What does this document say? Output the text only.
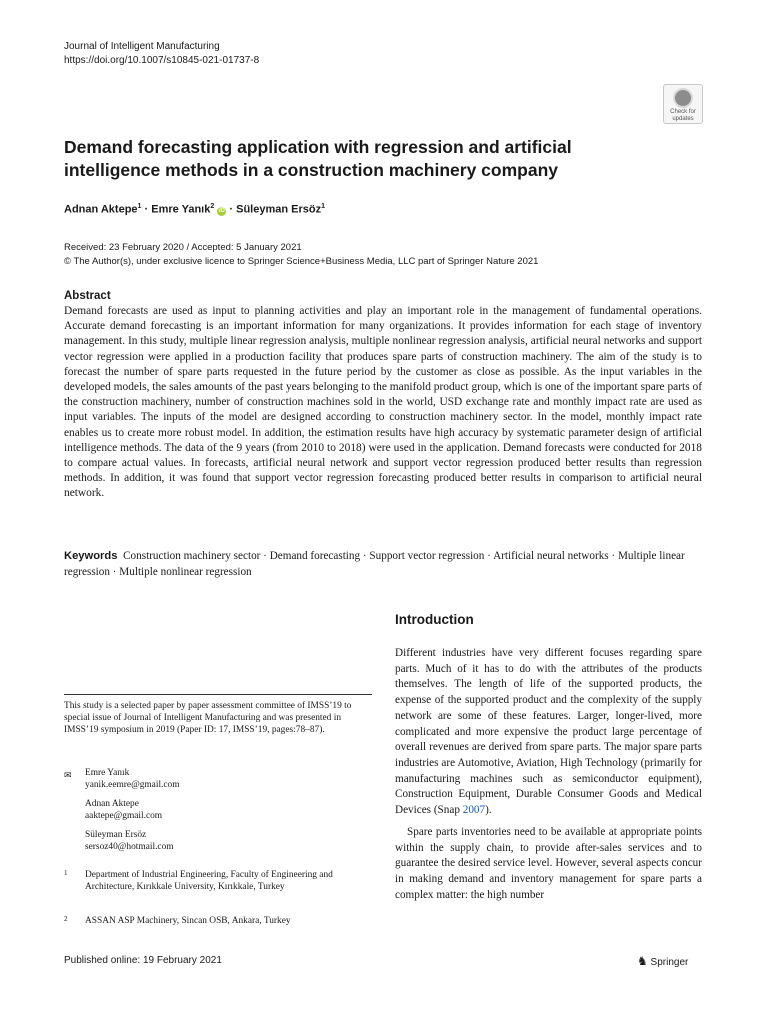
Journal of Intelligent Manufacturing
https://doi.org/10.1007/s10845-021-01737-8
Check for
updates
Demand forecasting application with regression and artificial
intelligence methods in a construction machinery company
Adnan Aktepe$^1$ · Emre Yanık$^2$ iD · Süleyman Ersöz$^1$
Received: 23 February 2020 / Accepted: 5 January 2021
© The Author(s), under exclusive licence to Springer Science+Business Media, LLC part of Springer Nature 2021
Abstract

Demand forecasts are used as input to planning activities and play an important role in the management of fundamental operations. Accurate demand forecasting is an important information for many organizations. It provides information for each stage of inventory management. In this study, multiple linear regression analysis, multiple nonlinear regression analysis, artificial neural networks and support vector regression were applied in a production facility that produces spare parts of construction machinery. The aim of the study is to forecast the number of spare parts requested in the future period by the customer as close as possible. As the input variables in the developed models, the sales amounts of the past years belonging to the manifold product group, which is one of the important spare parts of the construction machinery, number of construction machines sold in the world, USD exchange rate and monthly impact rate are used as input variables. The inputs of the model are designed according to construction machinery sector. In the model, monthly impact rate enables us to create more robust model. In addition, the estimation results have high accuracy by systematic parameter design of artificial intelligence methods. The data of the 9 years (from 2010 to 2018) were used in the application. Demand forecasts were conducted for 2018 to compare actual values. In forecasts, artificial neural network and support vector regression produced better results than regression methods. In addition, it was found that support vector regression forecasting produced better results in comparison to artificial neural network.

Keywords Construction machinery sector · Demand forecasting · Support vector regression · Artificial neural networks · Multiple linear regression · Multiple nonlinear regression
Introduction

Different industries have very different focuses regarding spare parts. Much of it has to do with the attributes of the products themselves. The length of life of the supported products, the expense of the supported product and the complexity of the supply network are some of these features. Larger, longer-lived, more complicated and more expensive the product large percentage of overall revenues are derived from spare parts. The major spare parts industries are Automotive, Aviation, High Technology (primarily for manufacturing machines such as semiconductor equipment), Construction Equipment, Durable Consumer Goods and Medical Devices (Snap 2007).

Spare parts inventories need to be available at appropriate points within the supply chain, to provide after-sales services and to guarantee the desired service level. However, several aspects concur in making demand and inventory management for spare parts a complex matter: the high number

This study is a selected paper by paper assessment committee of IMSS’19 to special issue of Journal of Intelligent Manufacturing and was presented in IMSS’19 symposium in 2019 (Paper ID: 17, IMSS’19, pages:78–87).

✉ Emre Yanık
yanik.eemre@gmail.com
Adnan Aktepe
aaktepe@gmail.com
Süleyman Ersöz
sersoz40@hotmail.com
1 Department of Industrial Engineering, Faculty of Engineering and Architecture, Kırıkkale University, Kırıkkale, Turkey
2 ASSAN ASP Machinery, Sincan OSB, Ankara, Turkey
Published online: 19 February 2021	♞ Springer
